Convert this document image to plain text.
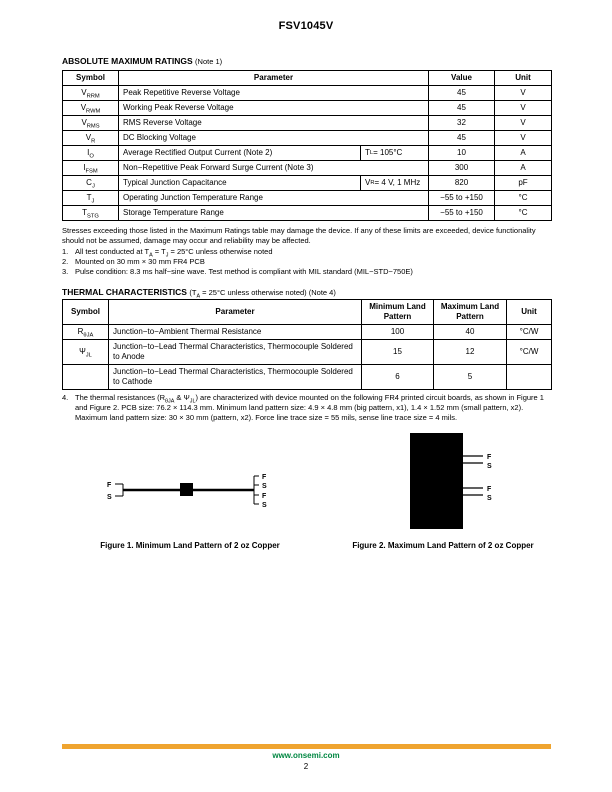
FSV1045V
ABSOLUTE MAXIMUM RATINGS (Note 1)
Symbol	Parameter	Value	Unit
$V_{RRM}$	Peak Repetitive Reverse Voltage	45	V
$V_{RWM}$	Working Peak Reverse Voltage	45	V
$V_{RMS}$	RMS Reverse Voltage	32	V
$V_R$	DC Blocking Voltage	45	V
$I_O$	Average Rectified Output Current (Note 2) T L = 105°C	10	A
$I_{FSM}$	Non−Repetitive Peak Forward Surge Current (Note 3)	300	A
$C_J$	Typical Junction Capacitance V R = 4 V, 1 MHz	820	pF
$T_J$	Operating Junction Temperature Range	−55 to +150	°C
$T_{STG}$	Storage Temperature Range	−55 to +150	°C

Stresses exceeding those listed in the Maximum Ratings table may damage the device. If any of these limits are exceeded, device functionality should not be assumed, damage may occur and reliability may be affected.

1. All test conducted at $T_A = T_J = 25^\circ C$ unless otherwise noted
2. Mounted on 30 mm × 30 mm FR4 PCB
3. Pulse condition: 8.3 ms half−sine wave. Test method is compliant with MIL standard (MIL−STD−750E)
THERMAL CHARACTERISTICS ($T_A = 25^\circ C$ unless otherwise noted) (Note 4)
Symbol	Parameter	Minimum Land Pattern	Maximum Land Pattern	Unit
$R_{\theta JA}$	Junction−to−Ambient Thermal Resistance	100	40	°C/W
$\Psi_{JL}$	Junction−to−Lead Thermal Characteristics, Thermocouple Soldered to Anode	15	12	°C/W
	Junction−to−Lead Thermal Characteristics, Thermocouple Soldered to Cathode	6	5	
4. The thermal resistances ($R_{\theta JA}$ & $\Psi_{JL}$) are characterized with device mounted on the following FR4 printed circuit boards, as shown in Figure 1 and Figure 2. PCB size: 76.2 × 114.3 mm. Minimum land pattern size: 4.9 × 4.8 mm (big pattern, x1), 1.4 × 1.52 mm (small pattern, x2). Maximum land pattern size: 30 × 30 mm (pattern, x2). Force line trace size = 55 mils, sense line trace size = 4 mils.
F
S
F
S
F
S
F
S
F
S
Figure 1. Minimum Land Pattern of 2 oz Copper	Figure 2. Maximum Land Pattern of 2 oz Copper
www.onsemi.com
2
